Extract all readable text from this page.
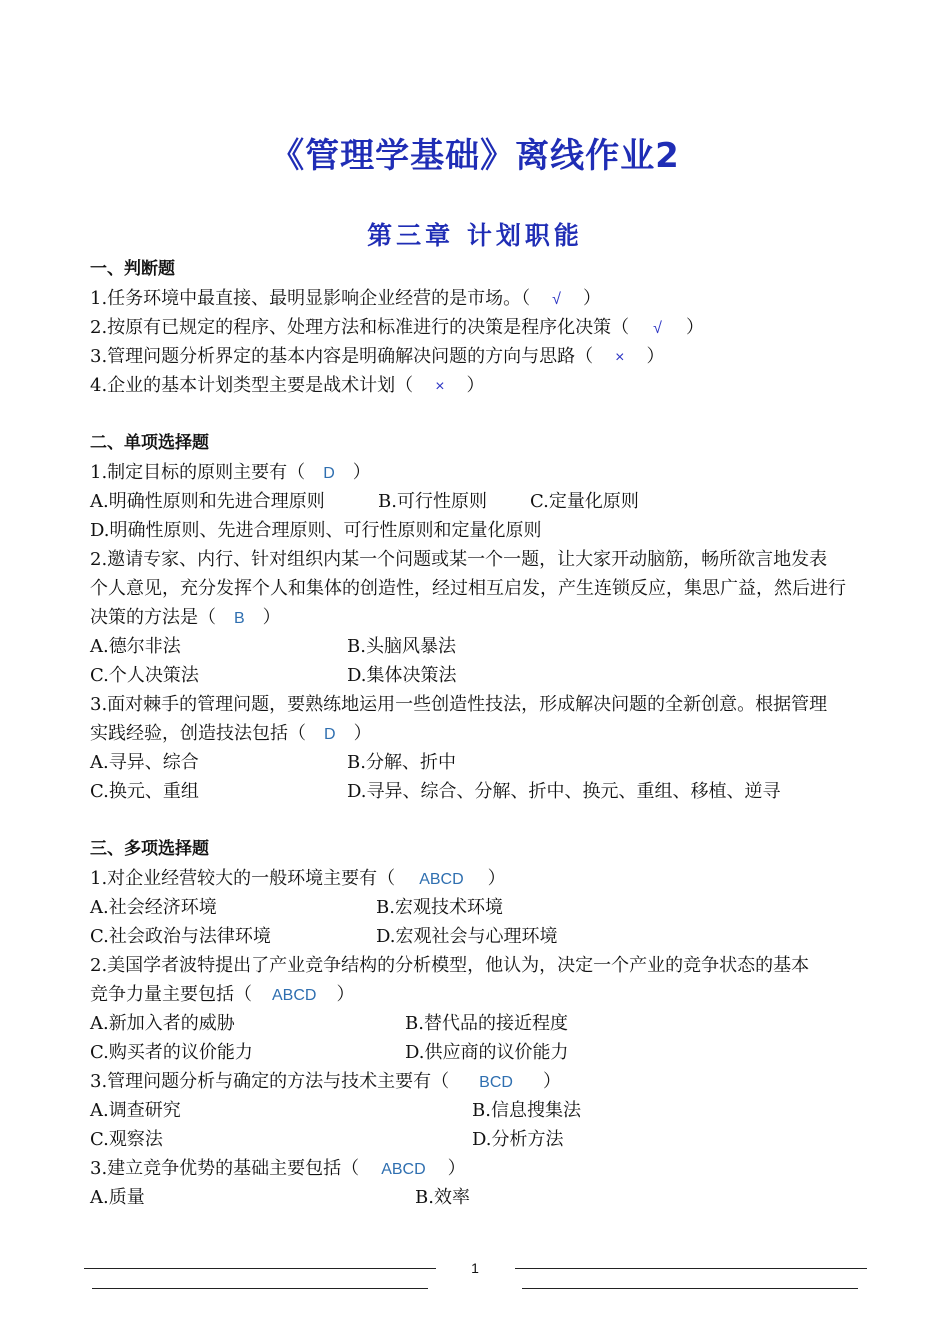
《管理学基础》离线作业2
第三章 计划职能
一、判断题
1.任务环境中最直接、最明显影响企业经营的是市场。（ √ ）
2.按原有已规定的程序、处理方法和标准进行的决策是程序化决策（ √ ）
3.管理问题分析界定的基本内容是明确解决问题的方向与思路（ × ）
4.企业的基本计划类型主要是战术计划（ × ）
二、单项选择题
1.制定目标的原则主要有（ D ）
A.明确性原则和先进合理原则	B.可行性原则	C.定量化原则
D.明确性原则、先进合理原则、可行性原则和定量化原则
2.邀请专家、内行、针对组织内某一个问题或某一个一题，让大家开动脑筋，畅所欲言地发表
个人意见，充分发挥个人和集体的创造性，经过相互启发，产生连锁反应，集思广益，然后进行
决策的方法是（ B ）
A.德尔非法	B.头脑风暴法
C.个人决策法	D.集体决策法
3.面对棘手的管理问题，要熟练地运用一些创造性技法，形成解决问题的全新创意。根据管理
实践经验，创造技法包括（ D ）
A.寻异、综合	B.分解、折中
C.换元、重组	D.寻异、综合、分解、折中、换元、重组、移植、逆寻
三、多项选择题
1.对企业经营较大的一般环境主要有（ ABCD ）
A.社会经济环境	B.宏观技术环境
C.社会政治与法律环境	D.宏观社会与心理环境
2.美国学者波特提出了产业竞争结构的分析模型，他认为，决定一个产业的竞争状态的基本
竞争力量主要包括（ ABCD ）
A.新加入者的威胁	B.替代品的接近程度
C.购买者的议价能力	D.供应商的议价能力
3.管理问题分析与确定的方法与技术主要有（ BCD ）
A.调查研究	B.信息搜集法
C.观察法	D.分析方法
3.建立竞争优势的基础主要包括（ ABCD ）
A.质量	B.效率
1
